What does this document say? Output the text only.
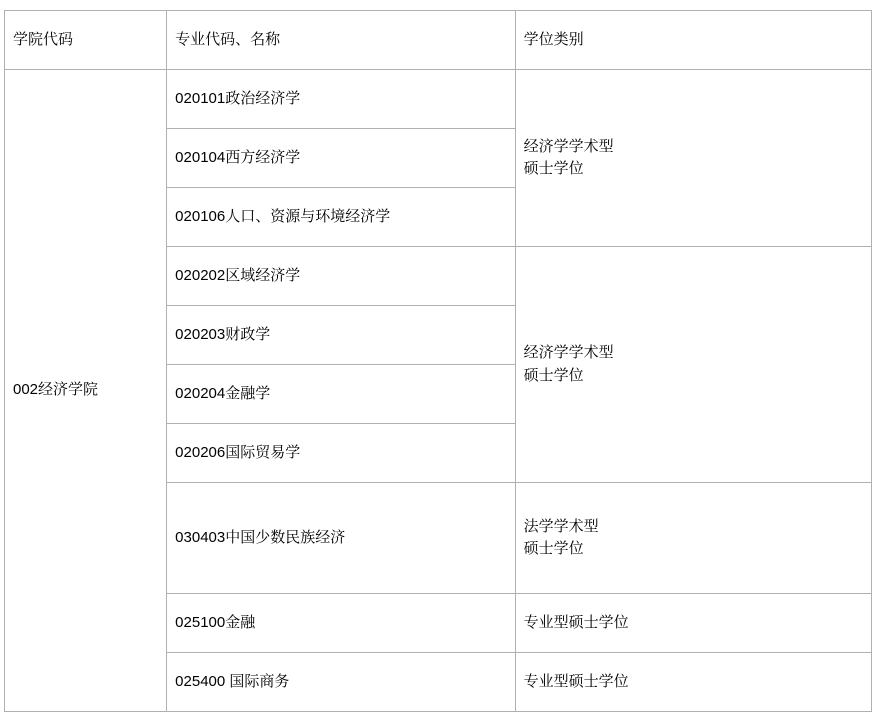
学院代码	专业代码、名称	学位类别
002经济学院	020101政治经济学	经济学学术型
硕士学位

	020104西方经济学	
	020106人口、资源与环境经济学	
	020202区域经济学	经济学学术型
硕士学位

	020203财政学	
	020204金融学	
	020206国际贸易学	
	030403中国少数民族经济	法学学术型
硕士学位

	025100金融	专业型硕士学位
	025400 国际商务	专业型硕士学位
